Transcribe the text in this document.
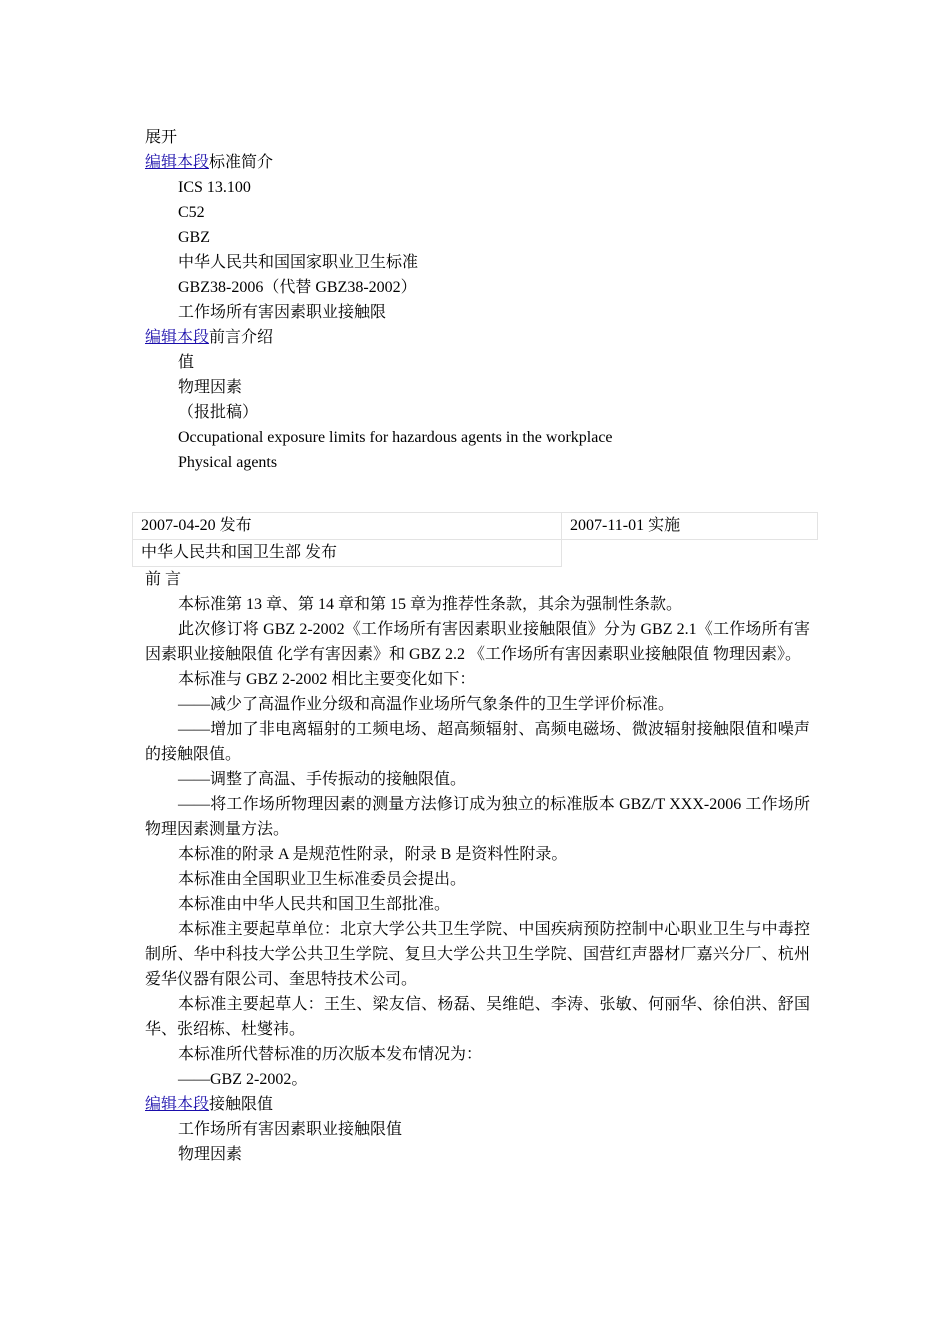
展开
编辑本段标准简介
ICS 13.100
C52
GBZ
中华人民共和国国家职业卫生标准
GBZ38-2006（代替 GBZ38-2002）
工作场所有害因素职业接触限
编辑本段前言介绍
值
物理因素
（报批稿）
Occupational exposure limits for hazardous agents in the workplace
Physical agents
2007-04-20 发布	2007-11-01 实施
中华人民共和国卫生部 发布	
前 言
本标准第 13 章、第 14 章和第 15 章为推荐性条款，其余为强制性条款。
此次修订将 GBZ 2-2002《工作场所有害因素职业接触限值》分为 GBZ 2.1《工作场所有害因素职业接触限值 化学有害因素》和 GBZ 2.2 《工作场所有害因素职业接触限值 物理因素》。
本标准与 GBZ 2-2002 相比主要变化如下：
——减少了高温作业分级和高温作业场所气象条件的卫生学评价标准。
——增加了非电离辐射的工频电场、超高频辐射、高频电磁场、微波辐射接触限值和噪声的接触限值。
——调整了高温、手传振动的接触限值。
——将工作场所物理因素的测量方法修订成为独立的标准版本 GBZ/T XXX-2006 工作场所物理因素测量方法。
本标准的附录 A 是规范性附录，附录 B 是资料性附录。
本标准由全国职业卫生标准委员会提出。
本标准由中华人民共和国卫生部批准。
本标准主要起草单位：北京大学公共卫生学院、中国疾病预防控制中心职业卫生与中毒控制所、华中科技大学公共卫生学院、复旦大学公共卫生学院、国营红声器材厂嘉兴分厂、杭州爱华仪器有限公司、奎思特技术公司。
本标准主要起草人：王生、梁友信、杨磊、吴维皑、李涛、张敏、何丽华、徐伯洪、舒国华、张绍栋、杜燮祎。
本标准所代替标准的历次版本发布情况为：
——GBZ 2-2002。
编辑本段接触限值
工作场所有害因素职业接触限值
物理因素
